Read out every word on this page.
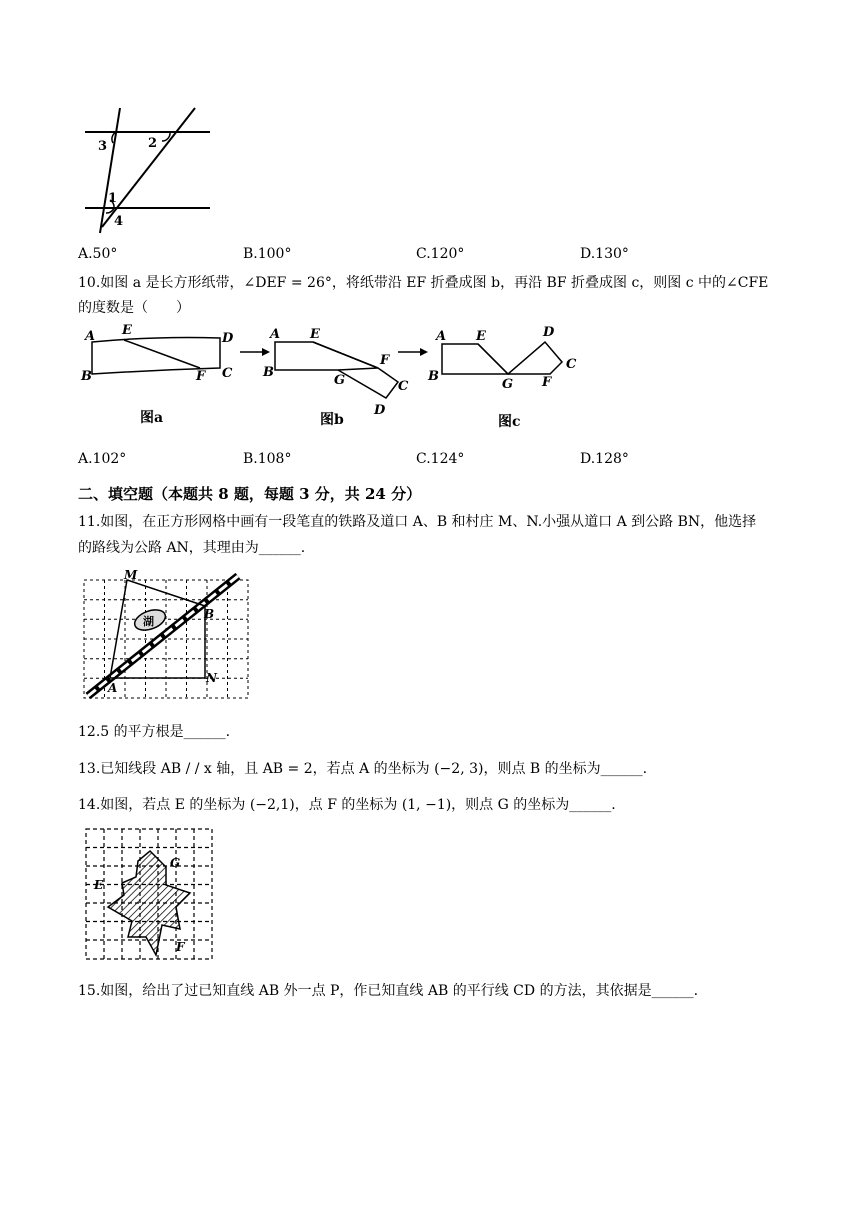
3	2
1
4
A.50°	B.100°	C.120°	D.130°
10.如图 a 是长方形纸带，∠DEF = 26°，将纸带沿 EF 折叠成图 b，再沿 BF 折叠成图 c，则图 c 中的∠CFE
的度数是（　　）
A E
D
B	F C
A E
F
B
G	C
D
图a	图b
A E	D
C
B
G F
图c
A.102°	B.108°	C.124°	D.128°
二、填空题（本题共 8 题，每题 3 分，共 24 分）
11.如图，在正方形网格中画有一段笔直的铁路及道口 A、B 和村庄 M、N.小强从道口 A 到公路 BN，他选择
的路线为公路 AN，其理由为______.
M
湖
B
A
N
12.5 的平方根是______.
13.已知线段 AB / / x 轴，且 AB = 2，若点 A 的坐标为 (−2, 3)，则点 B 的坐标为______.
14.如图，若点 E 的坐标为 (−2,1)，点 F 的坐标为 (1, −1)，则点 G 的坐标为______.
G
E
F
15.如图，给出了过已知直线 AB 外一点 P，作已知直线 AB 的平行线 CD 的方法，其依据是______.
